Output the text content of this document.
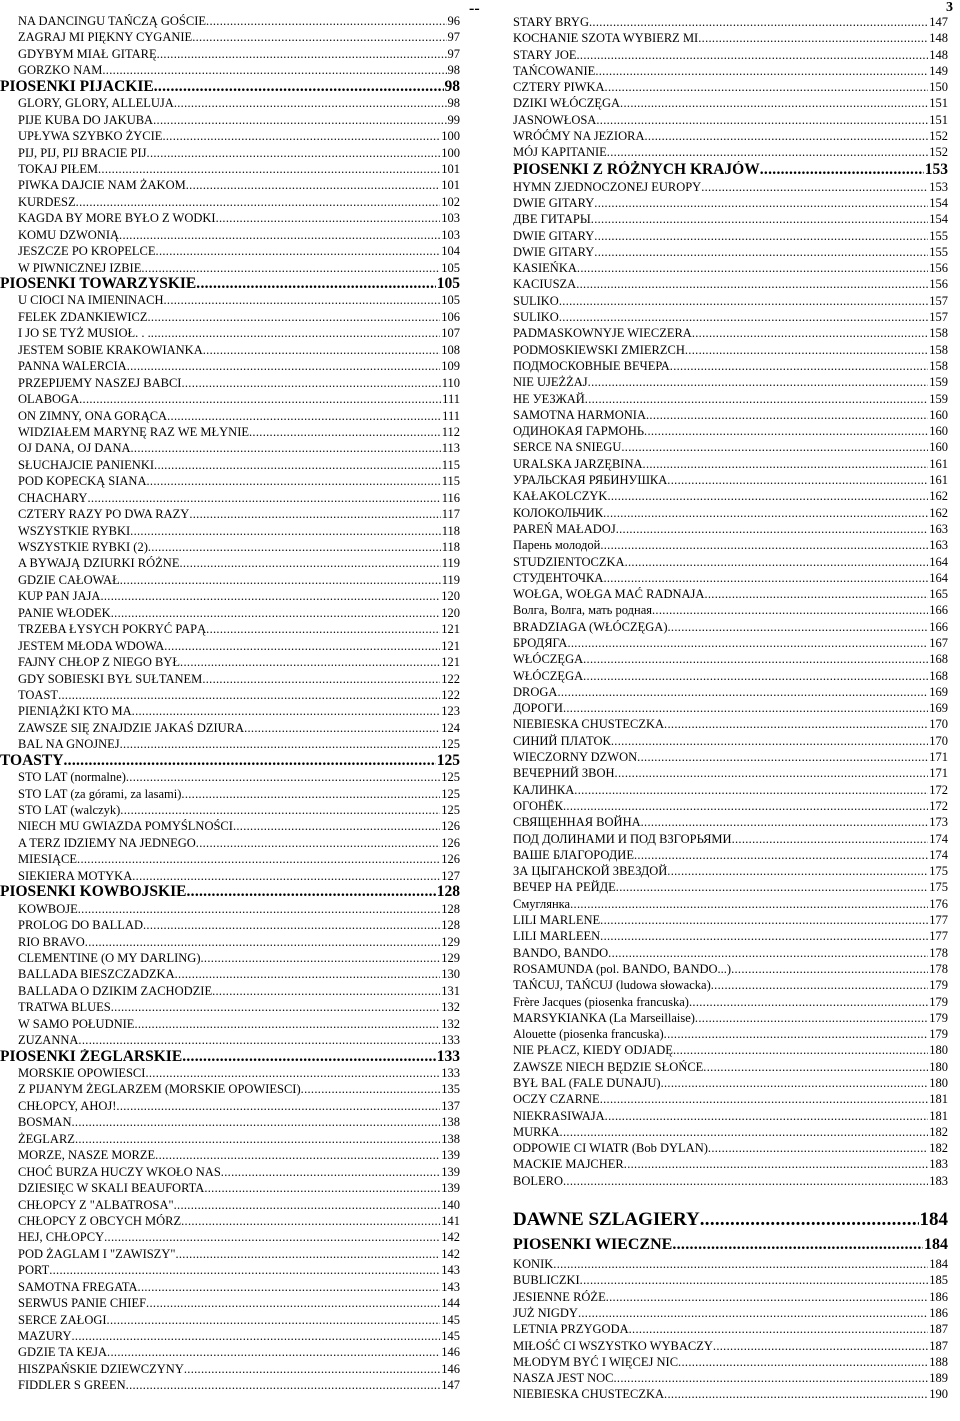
--	3
NA DANCINGU TAŃCZĄ GOŚCIE .....	96
ZAGRAJ MI PIĘKNY CYGANIE .....	97
GDYBYM MIAŁ GITARĘ .....	97
GORZKO NAM .....	98
PIOSENKI PIJACKIE .....	98
GLORY, GLORY, ALLELUJA .....	98
PIJE KUBA DO JAKUBA .....	99
UPŁYWA SZYBKO ŻYCIE .....	100
PIJ, PIJ, PIJ BRACIE PIJ .....	100
TOKAJ PIŁEM .....	101
PIWKA DAJCIE NAM ŻAKOM .....	101
KURDESZ .....	102
KAGDA BY MORE BYŁO Z WODKI .....	103
KOMU DZWONIĄ .....	103
JESZCZE PO KROPELCE .....	104
W PIWNICZNEJ IZBIE .....	105
PIOSENKI TOWARZYSKIE .....	105
U CIOCI NA IMIENINACH .....	105
FELEK ZDANKIEWICZ .....	106
I JO SE TYŻ MUSIOŁ. . . .....	107
JESTEM SOBIE KRAKOWIANKA .....	108
PANNA WALERCIA .....	109
PRZEPIJEMY NASZEJ BABCI .....	110
OLABOGA .....	111
ON ZIMNY, ONA GORĄCA .....	111
WIDZIAŁEM MARYNĘ RAZ WE MŁYNIE .....	112
OJ DANA, OJ DANA .....	113
SŁUCHAJCIE PANIENKI .....	115
POD KOPECKĄ SIANA .....	115
CHACHARY .....	116
CZTERY RAZY PO DWA RAZY .....	117
WSZYSTKIE RYBKI .....	118
WSZYSTKIE RYBKI (2) .....	118
A BYWAJĄ DZIURKI RÓŻNE .....	119
GDZIE CAŁOWAŁ .....	119
KUP PAN JAJA .....	120
PANIE WŁODEK .....	120
TRZEBA ŁYSYCH POKRYĆ PAPĄ .....	121
JESTEM MŁODA WDOWA .....	121
FAJNY CHŁOP Z NIEGO BYŁ .....	121
GDY SOBIESKI BYŁ SUŁTANEM .....	122
TOAST .....	122
PIENIĄŻKI KTO MA .....	123
ZAWSZE SIĘ ZNAJDZIE JAKAŚ DZIURA .....	124
BAL NA GNOJNEJ .....	125
TOASTY .....	125
STO LAT (normalne) .....	125
STO LAT (za górami, za lasami) .....	125
STO LAT (walczyk) .....	125
NIECH MU GWIAZDA POMYŚLNOŚCI .....	126
A TERZ IDZIEMY NA JEDNEGO .....	126
MIESIĄCE .....	126
SIEKIERA MOTYKA .....	127
PIOSENKI KOWBOJSKIE .....	128
KOWBOJE .....	128
PROLOG DO BALLAD .....	128
RIO BRAVO .....	129
CLEMENTINE (O MY DARLING) .....	129
BALLADA BIESZCZADZKA .....	130
BALLADA O DZIKIM ZACHODZIE .....	131
TRATWA BLUES .....	132
W SAMO POŁUDNIE .....	132
ZUZANNA .....	133
PIOSENKI ŻEGLARSKIE .....	133
MORSKIE OPOWIESCI .....	133
Z PIJANYM ŻEGLARZEM (MORSKIE OPOWIESCI) .....	135
CHŁOPCY, AHOJ! .....	137
BOSMAN .....	138
ŻEGLARZ .....	138
MORZE, NASZE MORZE .....	139
CHOĆ BURZA HUCZY WKOŁO NAS .....	139
DZIESIĘC W SKALI BEAUFORTA .....	139
CHŁOPCY Z "ALBATROSA" .....	140
CHŁOPCY Z OBCYCH MÓRZ .....	141
HEJ, CHŁOPCY .....	142
POD ŻAGLAM I "ZAWISZY" .....	142
PORT .....	143
SAMOTNA FREGATA .....	143
SERWUS PANIE CHIEF .....	144
SERCE ZAŁOGI .....	145
MAZURY .....	145
GDZIE TA KEJA .....	146
HISZPAŃSKIE DZIEWCZYNY .....	146
FIDDLER S GREEN .....	147
STARY BRYG .....	147
KOCHANIE SZOTA WYBIERZ MI .....	148
STARY JOE .....	148
TAŃCOWANIE .....	149
CZTERY PIWKA .....	150
DZIKI WŁÓCZĘGA .....	151
JASNOWŁOSA .....	151
WRÓĆMY NA JEZIORA .....	152
MÓJ KAPITANIE .....	152
PIOSENKI Z RÓŻNYCH KRAJÓW .....	153
HYMN ZJEDNOCZONEJ EUROPY .....	153
DWIE GITARY .....	154
ДВЕ ГИТАРЫ .....	154
DWIE GITARY .....	155
DWIE GITARY .....	155
KASIEŃKA .....	156
KACIUSZA .....	156
SULIKO .....	157
SULIKO .....	157
PADMASKOWNYJE WIECZERA .....	158
PODMOSKIEWSKI ZMIERZCH .....	158
ПОДМОСКОВНЫЕ ВЕЧЕРА .....	158
NIE UJEŻŻAJ .....	159
НЕ УЕЗЖАЙ .....	159
SAMOTNA HARMONIA .....	160
ОДИНОКАЯ ГАРМОНЬ .....	160
SERCE NA SNIEGU .....	160
URALSKA JARZĘBINA .....	161
УРАЛЬСКАЯ РЯБИНУШКА .....	161
KAŁAKOLCZYK .....	162
КОЛОКОЛЬЧИК .....	162
PAREŃ MAŁADOJ .....	163
Парень молодой .....	163
STUDZIENTOCZKA .....	164
СТУДЕНТОЧКА .....	164
WOŁGA, WOŁGA MAĆ RADNAJA .....	165
Волга, Волга, мать родная .....	166
BRADZIAGA (WŁÓCZĘGA) .....	166
БРОДЯГА .....	167
WŁÓCZĘGA .....	168
WŁÓCZĘGA .....	168
DROGA .....	169
ДОРОГИ .....	169
NIEBIESKA CHUSTECZKA .....	170
СИНИЙ ПЛАТОК .....	170
WIECZORNY DZWON .....	171
ВЕЧЕРНИЙ ЗВОН .....	171
КАЛИНКА .....	172
ОГОНЁК .....	172
СВЯЩЕННАЯ ВОЙНА .....	173
ПОД ДОЛИНАМИ И ПОД ВЗГОРЬЯМИ .....	174
ВАШЕ БЛАГОРОДИЕ .....	174
ЗА ЦЫГАНСКОЙ ЗВЕЗДОЙ .....	175
ВЕЧЕР НА РЕЙДЕ .....	175
Смуглянка .....	176
LILI MARLENE .....	177
LILI MARLEEN .....	177
BANDO, BANDO .....	178
ROSAMUNDA (pol. BANDO, BANDO...) .....	178
TAŃCUJ, TAŃCUJ (ludowa słowacka) .....	179
Frère Jacques (piosenka francuska) .....	179
MARSYKIANKA (La Marseillaise) .....	179
Alouette (piosenka francuska) .....	179
NIE PŁACZ, KIEDY ODJADĘ .....	180
ZAWSZE NIECH BĘDZIE SŁOŃCE .....	180
BYŁ BAL (FALE DUNAJU) .....	180
OCZY CZARNE .....	181
NIEKRASIWAJA .....	181
MURKA .....	182
ODPOWIE CI WIATR (Bob DYLAN) .....	182
MACKIE MAJCHER .....	183
BOLERO .....	183
DAWNE SZLAGIERY .....	184
PIOSENKI WIECZNE .....	184
KONIK .....	184
BUBLICZKI .....	185
JESIENNE RÓŻE .....	186
JUŻ NIGDY .....	186
LETNIA PRZYGODA .....	187
MIŁOŚĆ CI WSZYSTKO WYBACZY .....	187
MŁODYM BYĆ I WIĘCEJ NIC .....	188
NASZA JEST NOC .....	189
NIEBIESKA CHUSTECZKA .....	190
